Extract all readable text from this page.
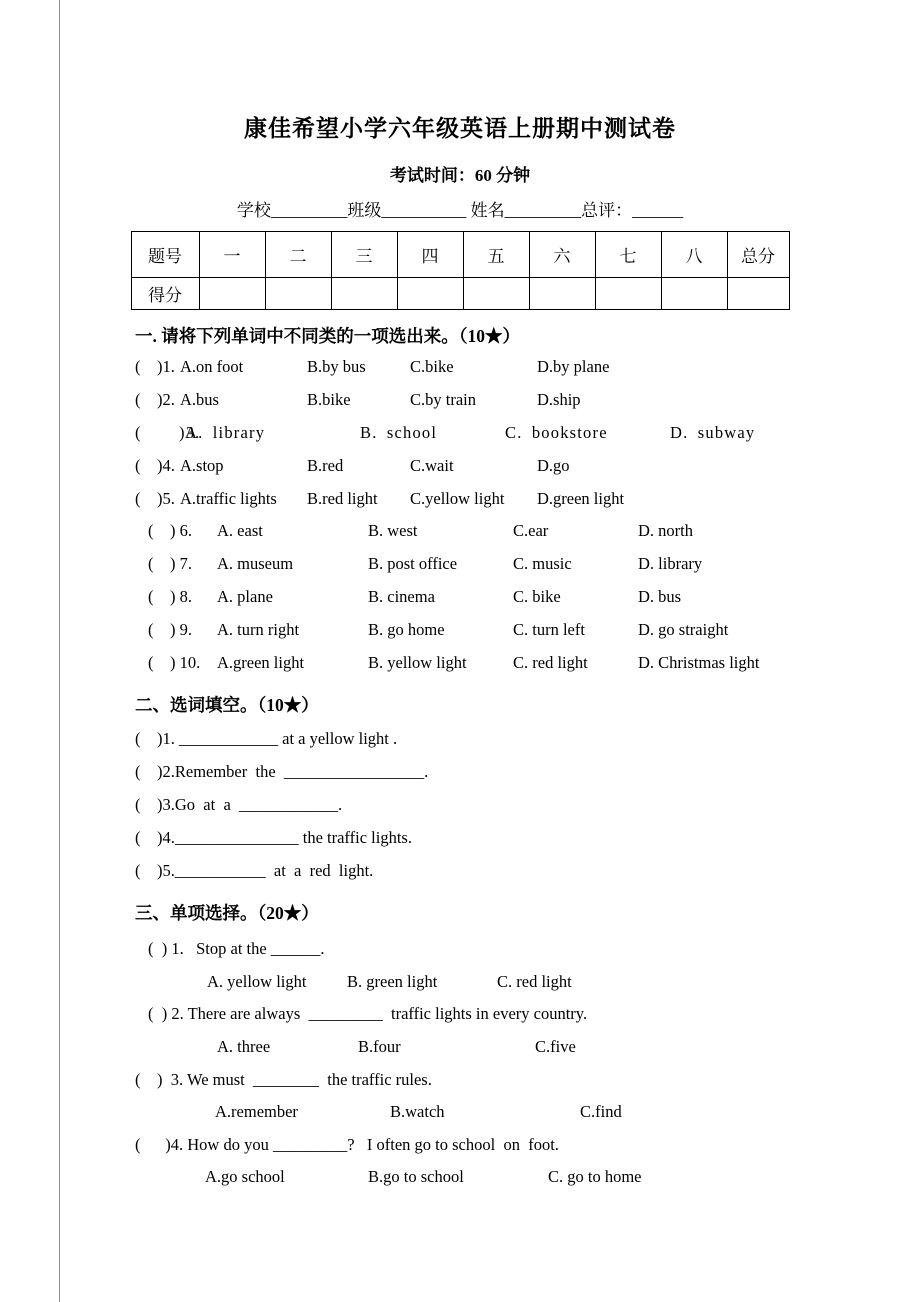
康佳希望小学六年级英语上册期中测试卷
考试时间：60 分钟
学校_________班级__________ 姓名_________总评：______
题号	一	二	三	四	五	六	七	八	总分
得分									
一. 请将下列单词中不同类的一项选出来。（10★）
(    )1. A.on foot	B.by bus	C.bike	D.by plane
(    )2. A.bus	B.bike	C.by train	D.ship
(    )3.
A. library	B. school	C. bookstore	D. subway
(    )4. A.stop	B.red	C.wait	D.go
(    )5. A.traffic lights	B.red light	C.yellow light	D.green light
(    ) 6.	A. east	B. west	C.ear	D. north
(    ) 7.	A. museum	B. post office	C. music	D. library
(    ) 8.	A. plane	B. cinema	C. bike	D. bus
(    ) 9.	A. turn right	B. go home	C. turn left	D. go straight
(    ) 10.	A.green light	B. yellow light	C. red light	D. Christmas light
二、选词填空。（10★）
(    )1. ____________ at a yellow light .
(    )2.Remember  the  _________________.
(    )3.Go  at  a  ____________.
(    )4._______________ the traffic lights.
(    )5.___________  at  a  red  light.
三、单项选择。（20★）
(  ) 1.   Stop at the ______.
A. yellow light	B. green light	C. red light
(  ) 2. There are always  _________  traffic lights in every country.
A. three	B.four	C.five
(    )  3. We must  ________  the traffic rules.
A.remember	B.watch	C.find
(      )4. How do you _________?   I often go to school  on  foot.
A.go school	B.go to school	C. go to home
